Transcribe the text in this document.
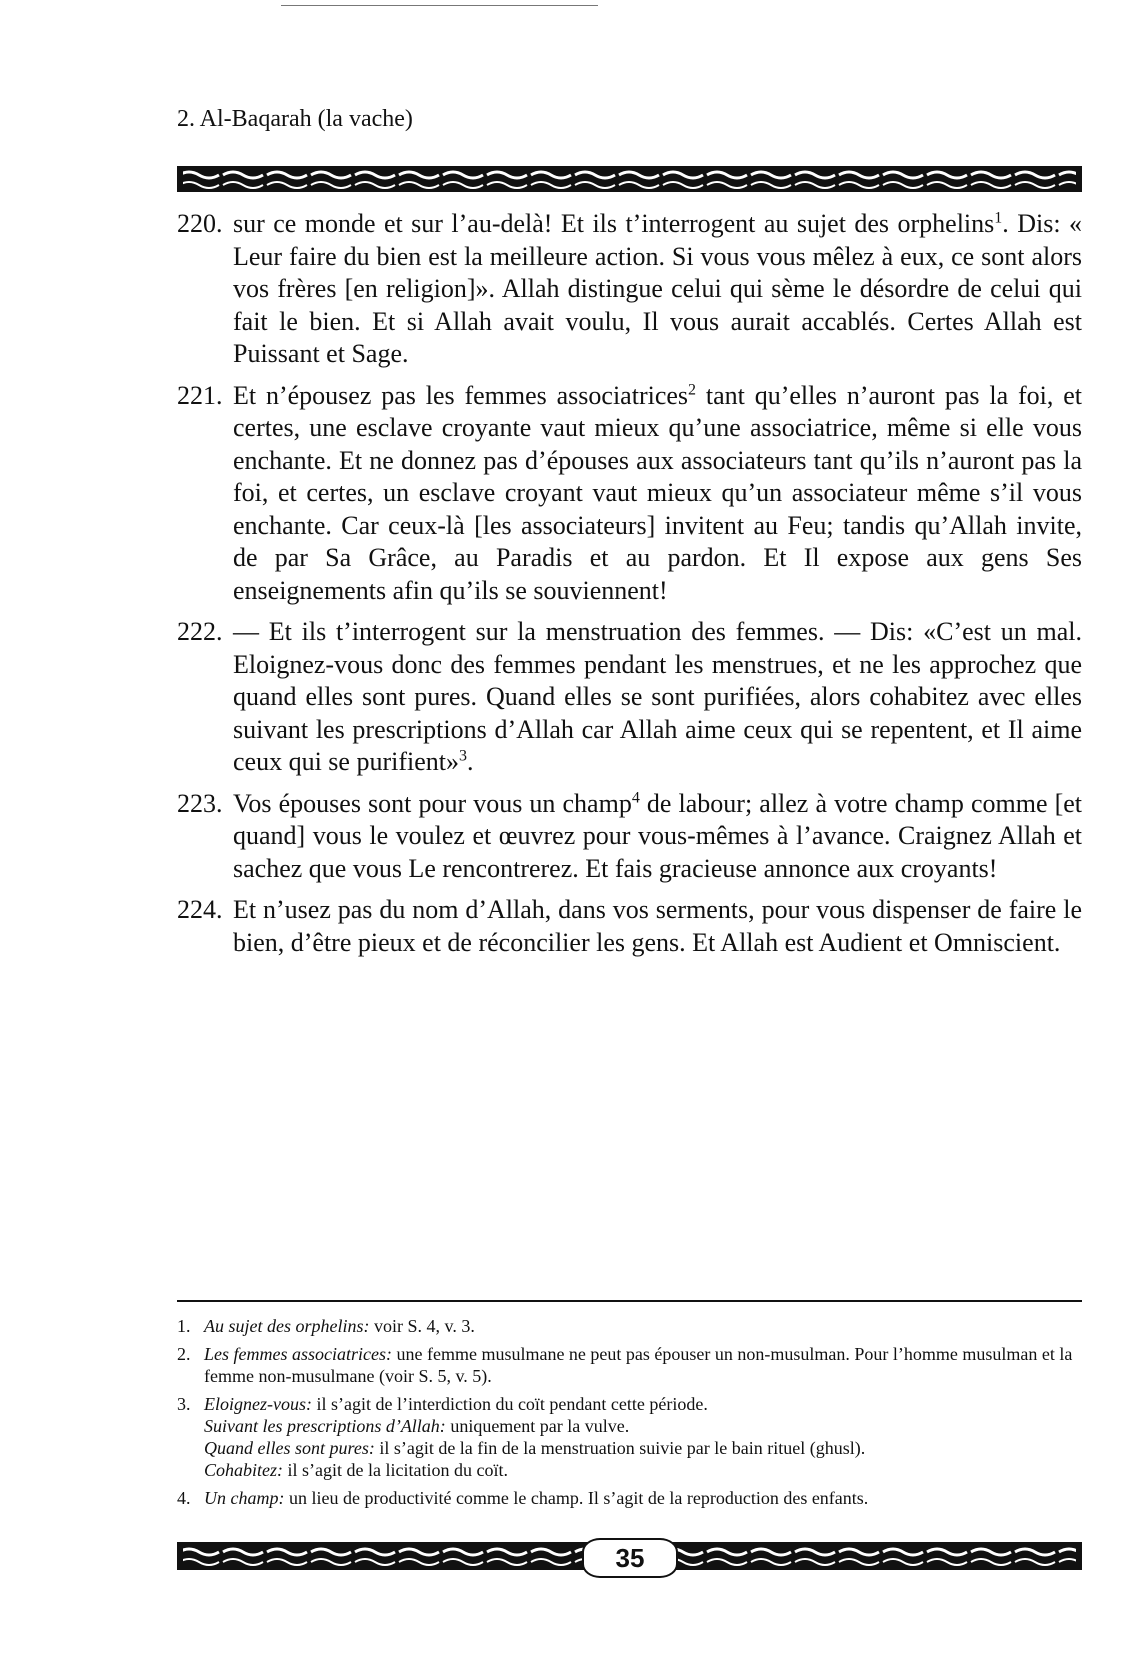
2. Al-Baqarah (la vache)
220. sur ce monde et sur l’au-delà! Et ils t’interrogent au sujet des orphelins$^1$. Dis: « Leur faire du bien est la meilleure action. Si vous vous mêlez à eux, ce sont alors vos frères [en religion]». Allah distingue celui qui sème le désordre de celui qui fait le bien. Et si Allah avait voulu, Il vous aurait accablés. Certes Allah est Puissant et Sage.
221. Et n’épousez pas les femmes associatrices$^2$ tant qu’elles n’auront pas la foi, et certes, une esclave croyante vaut mieux qu’une associatrice, même si elle vous enchante. Et ne donnez pas d’épouses aux associateurs tant qu’ils n’auront pas la foi, et certes, un esclave croyant vaut mieux qu’un associateur même s’il vous enchante. Car ceux-là [les associateurs] invitent au Feu; tandis qu’Allah invite, de par Sa Grâce, au Paradis et au pardon. Et Il expose aux gens Ses enseignements afin qu’ils se souviennent!
222. — Et ils t’interrogent sur la menstruation des femmes. — Dis: «C’est un mal. Eloignez-vous donc des femmes pendant les menstrues, et ne les approchez que quand elles sont pures. Quand elles se sont purifiées, alors cohabitez avec elles suivant les prescriptions d’Allah car Allah aime ceux qui se repentent, et Il aime ceux qui se purifient»$^3$.
223. Vos épouses sont pour vous un champ$^4$ de labour; allez à votre champ comme [et quand] vous le voulez et œuvrez pour vous-mêmes à l’avance. Craignez Allah et sachez que vous Le rencontrerez. Et fais gracieuse annonce aux croyants!
224. Et n’usez pas du nom d’Allah, dans vos serments, pour vous dispenser de faire le bien, d’être pieux et de réconcilier les gens. Et Allah est Audient et Omniscient.
1. Au sujet des orphelins: voir S. 4, v. 3.
2. Les femmes associatrices: une femme musulmane ne peut pas épouser un non-musulman. Pour l’homme musulman et la femme non-musulmane (voir S. 5, v. 5).
3. Eloignez-vous: il s’agit de l’interdiction du coït pendant cette période.
Suivant les prescriptions d’Allah: uniquement par la vulve.
Quand elles sont pures: il s’agit de la fin de la menstruation suivie par le bain rituel (ghusl).
Cohabitez: il s’agit de la licitation du coït.
4. Un champ: un lieu de productivité comme le champ. Il s’agit de la reproduction des enfants.
35
